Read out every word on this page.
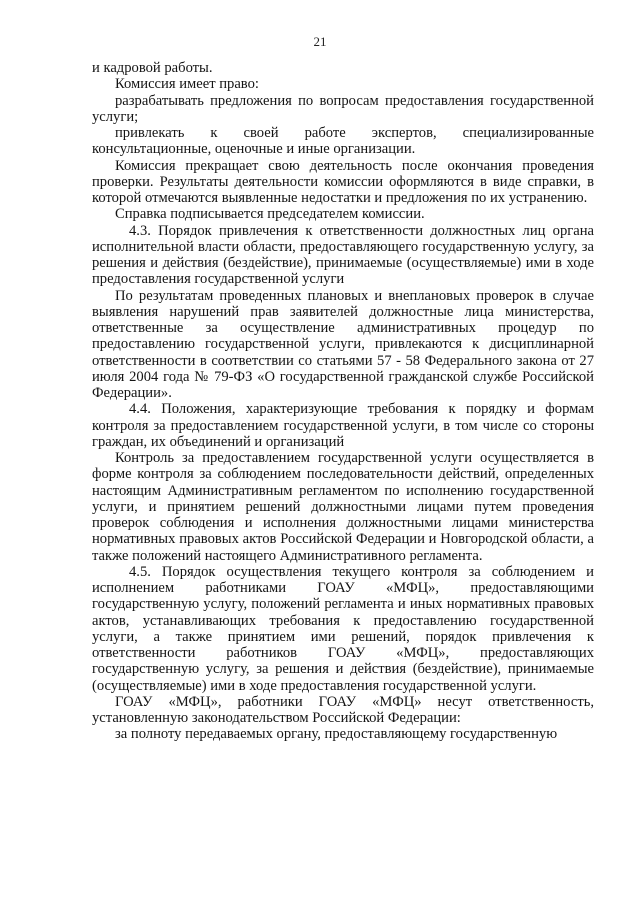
21

и кадровой работы.

Комиссия имеет право:

разрабатывать предложения по вопросам предоставления государственной услуги;

привлекать к своей работе экспертов, специализированные консультационные, оценочные и иные организации.

Комиссия прекращает свою деятельность после окончания проведения проверки. Результаты деятельности комиссии оформляются в виде справки, в которой отмечаются выявленные недостатки и предложения по их устранению.

Справка подписывается председателем комиссии.

4.3. Порядок привлечения к ответственности должностных лиц органа исполнительной власти области, предоставляющего государственную услугу, за решения и действия (бездействие), принимаемые (осуществляемые) ими в ходе предоставления государственной услуги

По результатам проведенных плановых и внеплановых проверок в случае выявления нарушений прав заявителей должностные лица министерства, ответственные за осуществление административных процедур по предоставлению государственной услуги, привлекаются к дисциплинарной ответственности в соответствии со статьями 57 - 58 Федерального закона от 27 июля 2004 года № 79-ФЗ «О государственной гражданской службе Российской Федерации».

4.4. Положения, характеризующие требования к порядку и формам контроля за предоставлением государственной услуги, в том числе со стороны граждан, их объединений и организаций

Контроль за предоставлением государственной услуги осуществляется в форме контроля за соблюдением последовательности действий, определенных настоящим Административным регламентом по исполнению государственной услуги, и принятием решений должностными лицами путем проведения проверок соблюдения и исполнения должностными лицами министерства нормативных правовых актов Российской Федерации и Новгородской области, а также положений настоящего Административного регламента.

4.5. Порядок осуществления текущего контроля за соблюдением и исполнением работниками ГОАУ «МФЦ», предоставляющими государственную услугу, положений регламента и иных нормативных правовых актов, устанавливающих требования к предоставлению государственной услуги, а также принятием ими решений, порядок привлечения к ответственности работников ГОАУ «МФЦ», предоставляющих государственную услугу, за решения и действия (бездействие), принимаемые (осуществляемые) ими в ходе предоставления государственной услуги.

ГОАУ «МФЦ», работники ГОАУ «МФЦ» несут ответственность, установленную законодательством Российской Федерации:

за полноту передаваемых органу, предоставляющему государственную
